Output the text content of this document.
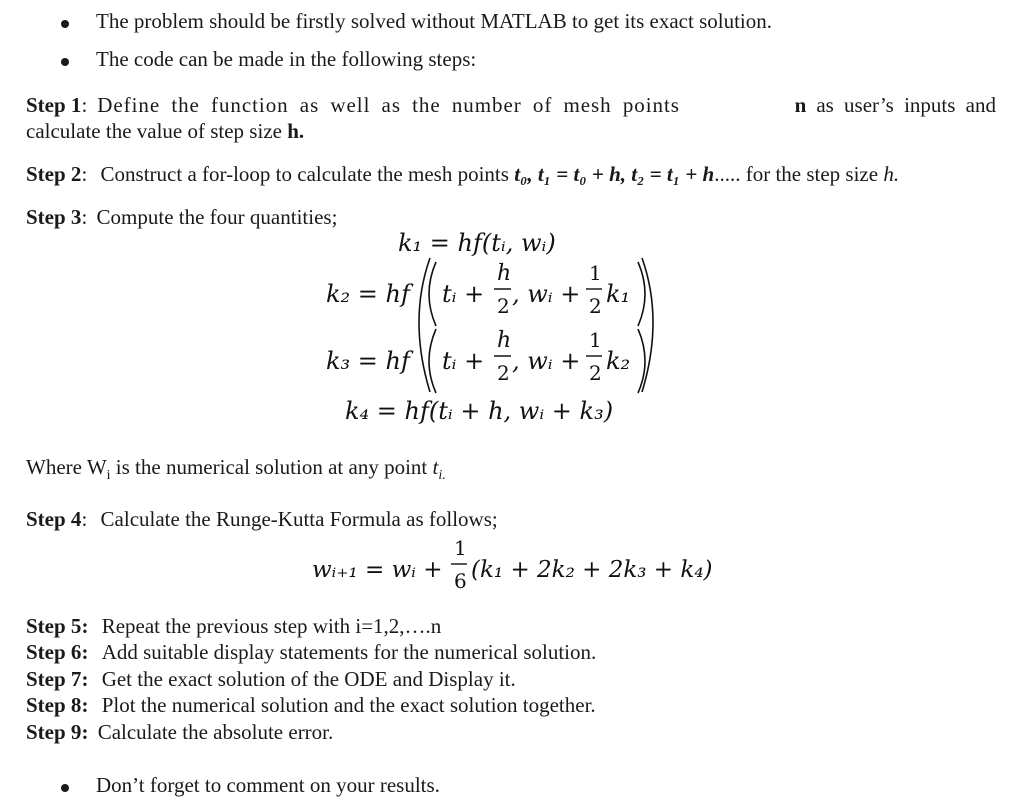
The problem should be firstly solved without MATLAB to get its exact solution.
The code can be made in the following steps:
Step 1: Define the function as well as the number of mesh points	n as user’s inputs and
calculate the value of step size h.
Step 2: Construct a for-loop to calculate the mesh points t₀, t₁ = t₀ + h, t₂ = t₁ + h..... for the step size h.
Step 3: Compute the four quantities;
k₁ = hf(tᵢ, wᵢ)
k₂ = hf tᵢ +
h
2 , wᵢ +
1
2 k₁
k₃ = hf tᵢ +
h
2 , wᵢ +
1
2 k₂
k₄ = hf(tᵢ + h, wᵢ + k₃)
wᵢ₊₁ = wᵢ +
1
6 (k₁ + 2k₂ + 2k₃ + k₄)
Where $W_i$ is the numerical solution at any point $t_{i.}$
Step 4: Calculate the Runge-Kutta Formula as follows;
Step 5: Repeat the previous step with i=1,2,….n
Step 6: Add suitable display statements for the numerical solution.
Step 7: Get the exact solution of the ODE and Display it.
Step 8: Plot the numerical solution and the exact solution together.
Step 9: Calculate the absolute error.
Don’t forget to comment on your results.
